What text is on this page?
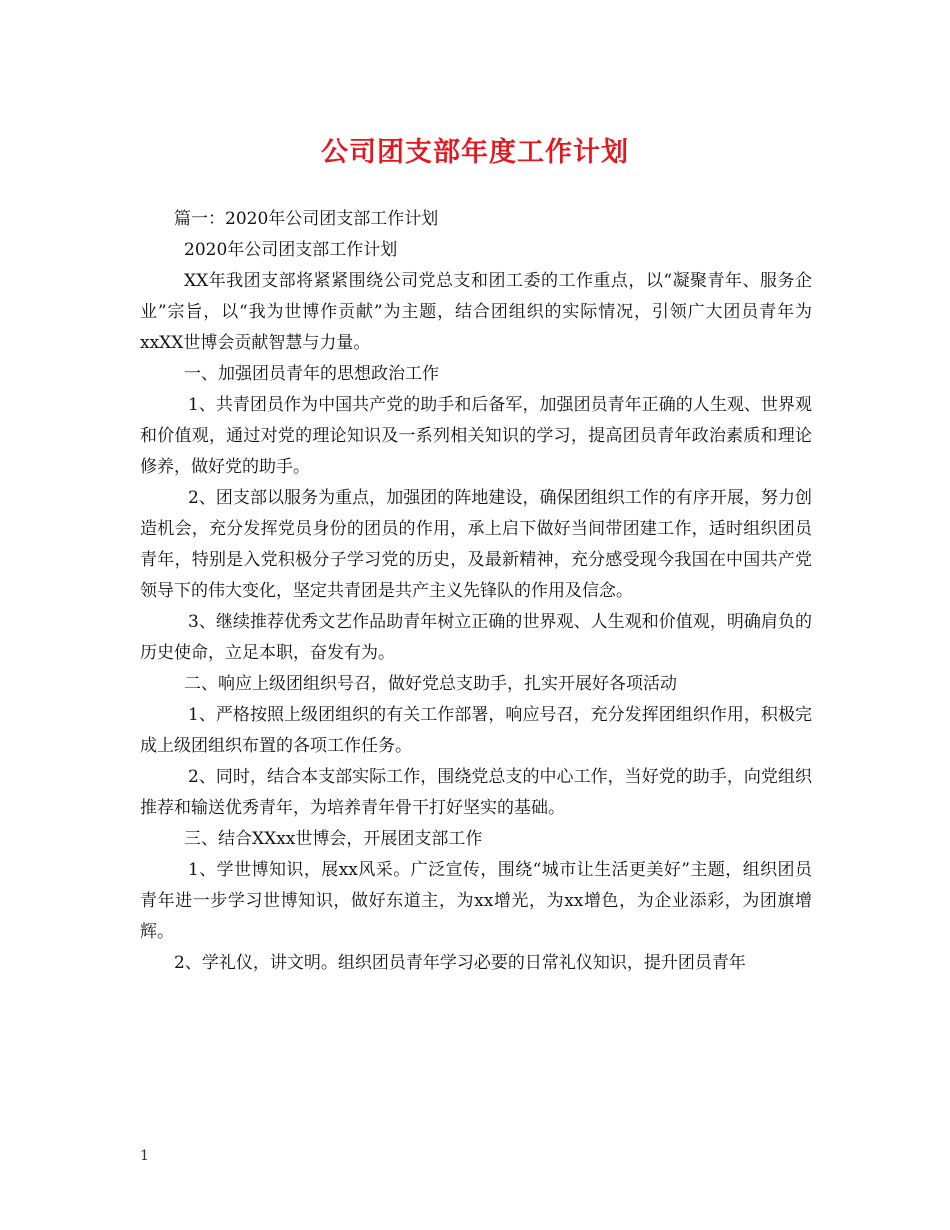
公司团支部年度工作计划

篇一：2020年公司团支部工作计划

2020年公司团支部工作计划

XX年我团支部将紧紧围绕公司党总支和团工委的工作重点，以“凝聚青年、服务企业”宗旨，以“我为世博作贡献”为主题，结合团组织的实际情况，引领广大团员青年为xxXX世博会贡献智慧与力量。

一、加强团员青年的思想政治工作

1、共青团员作为中国共产党的助手和后备军，加强团员青年正确的人生观、世界观和价值观，通过对党的理论知识及一系列相关知识的学习，提高团员青年政治素质和理论修养，做好党的助手。

2、团支部以服务为重点，加强团的阵地建设，确保团组织工作的有序开展，努力创造机会，充分发挥党员身份的团员的作用，承上启下做好当间带团建工作，适时组织团员青年，特别是入党积极分子学习党的历史，及最新精神，充分感受现今我国在中国共产党领导下的伟大变化，坚定共青团是共产主义先锋队的作用及信念。

3、继续推荐优秀文艺作品助青年树立正确的世界观、人生观和价值观，明确肩负的历史使命，立足本职，奋发有为。

二、响应上级团组织号召，做好党总支助手，扎实开展好各项活动

1、严格按照上级团组织的有关工作部署，响应号召，充分发挥团组织作用，积极完成上级团组织布置的各项工作任务。

2、同时，结合本支部实际工作，围绕党总支的中心工作，当好党的助手，向党组织推荐和输送优秀青年，为培养青年骨干打好坚实的基础。

三、结合XXxx世博会，开展团支部工作

1、学世博知识，展xx风采。广泛宣传，围绕“城市让生活更美好”主题，组织团员青年进一步学习世博知识，做好东道主，为xx增光，为xx增色，为企业添彩，为团旗增辉。

2、学礼仪，讲文明。组织团员青年学习必要的日常礼仪知识，提升团员青年

1
